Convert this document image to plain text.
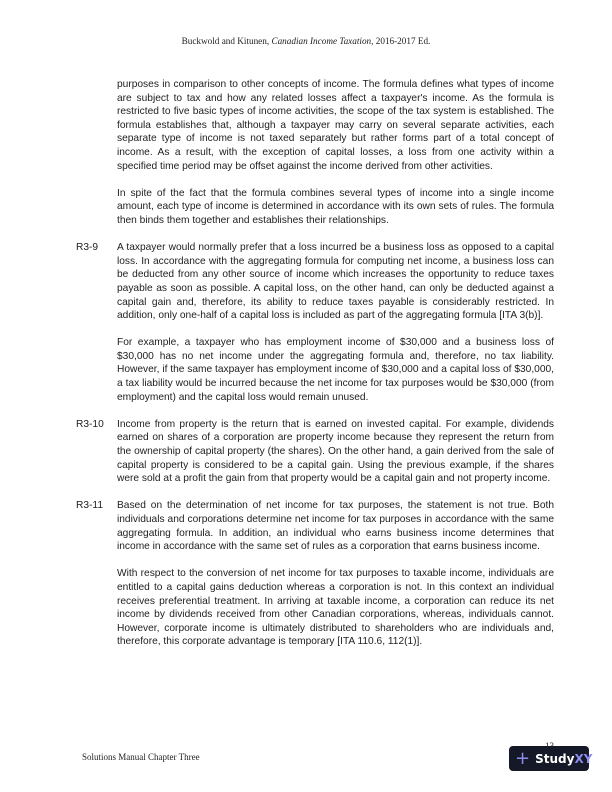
Buckwold and Kitunen, Canadian Income Taxation, 2016-2017 Ed.
purposes in comparison to other concepts of income. The formula defines what types of income are subject to tax and how any related losses affect a taxpayer's income. As the formula is restricted to five basic types of income activities, the scope of the tax system is established. The formula establishes that, although a taxpayer may carry on several separate activities, each separate type of income is not taxed separately but rather forms part of a total concept of income. As a result, with the exception of capital losses, a loss from one activity within a specified time period may be offset against the income derived from other activities.
In spite of the fact that the formula combines several types of income into a single income amount, each type of income is determined in accordance with its own sets of rules. The formula then binds them together and establishes their relationships.
R3-9	A taxpayer would normally prefer that a loss incurred be a business loss as opposed to a capital loss. In accordance with the aggregating formula for computing net income, a business loss can be deducted from any other source of income which increases the opportunity to reduce taxes payable as soon as possible. A capital loss, on the other hand, can only be deducted against a capital gain and, therefore, its ability to reduce taxes payable is considerably restricted. In addition, only one-half of a capital loss is included as part of the aggregating formula [ITA 3(b)].
For example, a taxpayer who has employment income of $30,000 and a business loss of $30,000 has no net income under the aggregating formula and, therefore, no tax liability. However, if the same taxpayer has employment income of $30,000 and a capital loss of $30,000, a tax liability would be incurred because the net income for tax purposes would be $30,000 (from employment) and the capital loss would remain unused.
R3-10	Income from property is the return that is earned on invested capital. For example, dividends earned on shares of a corporation are property income because they represent the return from the ownership of capital property (the shares). On the other hand, a gain derived from the sale of capital property is considered to be a capital gain. Using the previous example, if the shares were sold at a profit the gain from that property would be a capital gain and not property income.
R3-11	Based on the determination of net income for tax purposes, the statement is not true. Both individuals and corporations determine net income for tax purposes in accordance with the same aggregating formula. In addition, an individual who earns business income determines that income in accordance with the same set of rules as a corporation that earns business income.
With respect to the conversion of net income for tax purposes to taxable income, individuals are entitled to a capital gains deduction whereas a corporation is not. In this context an individual receives preferential treatment. In arriving at taxable income, a corporation can reduce its net income by dividends received from other Canadian corporations, whereas, individuals cannot. However, corporate income is ultimately distributed to shareholders who are individuals and, therefore, this corporate advantage is temporary [ITA 110.6, 112(1)].
Solutions Manual Chapter Three	+ Study XY
